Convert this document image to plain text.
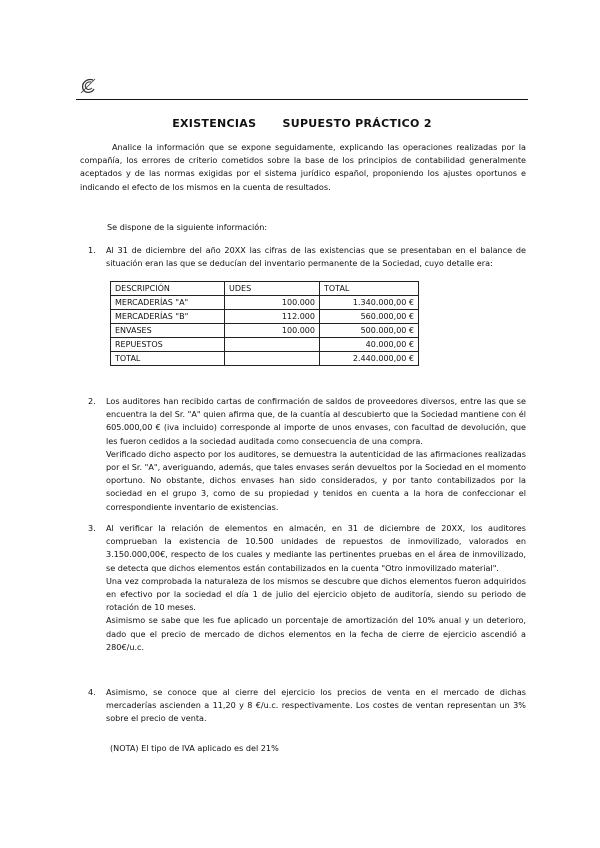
EXISTENCIAS SUPUESTO PRÁCTICO 2
Analice la información que se expone seguidamente, explicando las operaciones realizadas por la compañía, los errores de criterio cometidos sobre la base de los principios de contabilidad generalmente aceptados y de las normas exigidas por el sistema jurídico español, proponiendo los ajustes oportunos e indicando el efecto de los mismos en la cuenta de resultados.
Se dispone de la siguiente información:
1. Al 31 de diciembre del año 20XX las cifras de las existencias que se presentaban en el balance de situación eran las que se deducían del inventario permanente de la Sociedad, cuyo detalle era:
DESCRIPCIÓN	UDES	TOTAL
MERCADERÍAS "A"	100.000	1.340.000,00 €
MERCADERÍAS "B"	112.000	560.000,00 €
ENVASES	100.000	500.000,00 €
REPUESTOS		40.000,00 €
TOTAL		2.440.000,00 €
2. Los auditores han recibido cartas de confirmación de saldos de proveedores diversos, entre las que se encuentra la del Sr. "A" quien afirma que, de la cuantía al descubierto que la Sociedad mantiene con él 605.000,00 € (iva incluido) corresponde al importe de unos envases, con facultad de devolución, que les fueron cedidos a la sociedad auditada como consecuencia de una compra.
Verificado dicho aspecto por los auditores, se demuestra la autenticidad de las afirmaciones realizadas por el Sr. "A", averiguando, además, que tales envases serán devueltos por la Sociedad en el momento oportuno. No obstante, dichos envases han sido considerados, y por tanto contabilizados por la sociedad en el grupo 3, como de su propiedad y tenidos en cuenta a la hora de confeccionar el correspondiente inventario de existencias.
3. Al verificar la relación de elementos en almacén, en 31 de diciembre de 20XX, los auditores comprueban la existencia de 10.500 unidades de repuestos de inmovilizado, valorados en 3.150.000,00€, respecto de los cuales y mediante las pertinentes pruebas en el área de inmovilizado, se detecta que dichos elementos están contabilizados en la cuenta "Otro inmovilizado material".
Una vez comprobada la naturaleza de los mismos se descubre que dichos elementos fueron adquiridos en efectivo por la sociedad el día 1 de julio del ejercicio objeto de auditoría, siendo su periodo de rotación de 10 meses.
Asimismo se sabe que les fue aplicado un porcentaje de amortización del 10% anual y un deterioro, dado que el precio de mercado de dichos elementos en la fecha de cierre de ejercicio ascendió a 280€/u.c.
4. Asimismo, se conoce que al cierre del ejercicio los precios de venta en el mercado de dichas mercaderías ascienden a 11,20 y 8 €/u.c. respectivamente. Los costes de ventan representan un 3% sobre el precio de venta.
(NOTA) El tipo de IVA aplicado es del 21%
